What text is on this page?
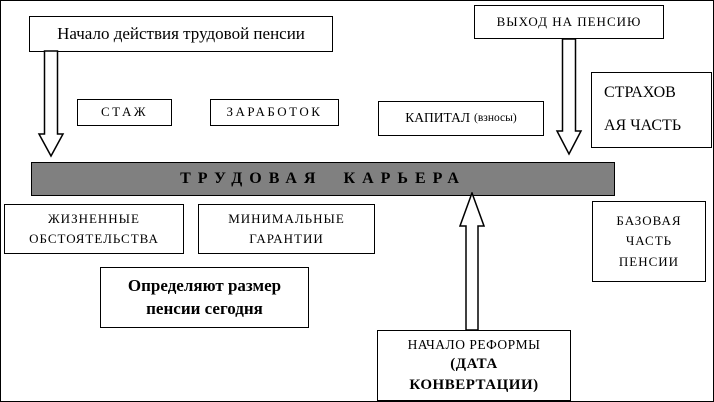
Начало действия трудовой пенсии
ВЫХОД НА ПЕНСИЮ
СТАЖ	ЗАРАБОТОК	КАПИТАЛ (взносы)
СТРАХОВ
АЯ ЧАСТЬ
ТРУДОВАЯ КАРЬЕРА
ЖИЗНЕННЫЕ
ОБСТОЯТЕЛЬСТВА
МИНИМАЛЬНЫЕ
ГАРАНТИИ
Определяют размер
пенсии сегодня
БАЗОВАЯ
ЧАСТЬ
ПЕНСИИ
НАЧАЛО РЕФОРМЫ
(ДАТА
КОНВЕРТАЦИИ)
